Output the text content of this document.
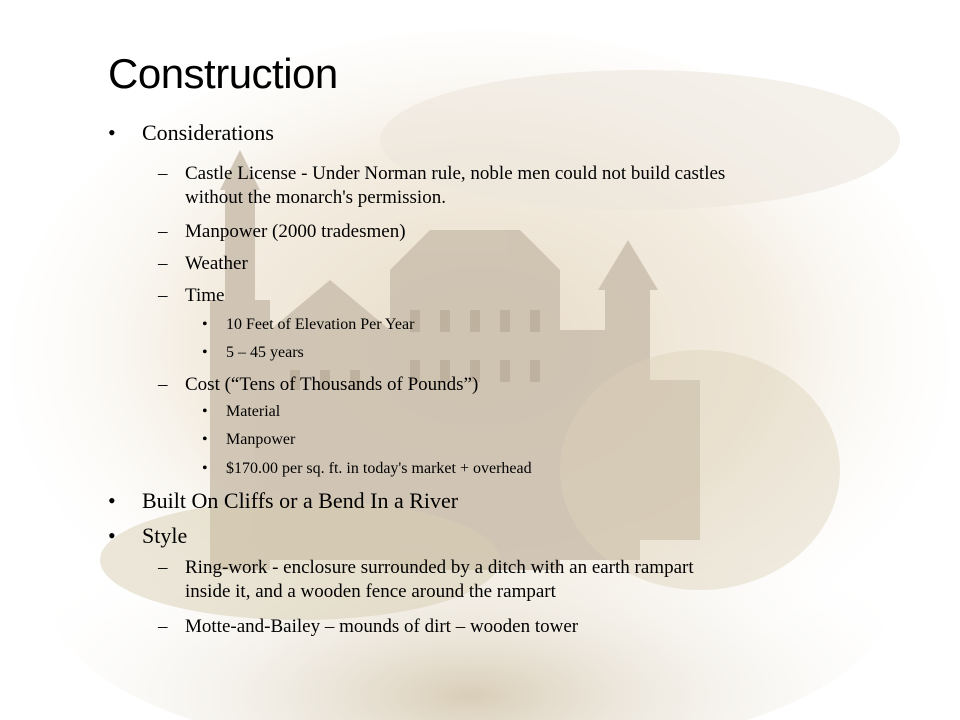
Construction
• Considerations
– Castle License - Under Norman rule, noble men could not build castles
without the monarch's permission.
– Manpower (2000 tradesmen)
– Weather
– Time
• 10 Feet of Elevation Per Year
• 5 – 45 years
– Cost (“Tens of Thousands of Pounds”)
• Material
• Manpower
• $170.00 per sq. ft. in today's market + overhead
• Built On Cliffs or a Bend In a River
• Style
– Ring-work - enclosure surrounded by a ditch with an earth rampart
inside it, and a wooden fence around the rampart
– Motte-and-Bailey – mounds of dirt – wooden tower
